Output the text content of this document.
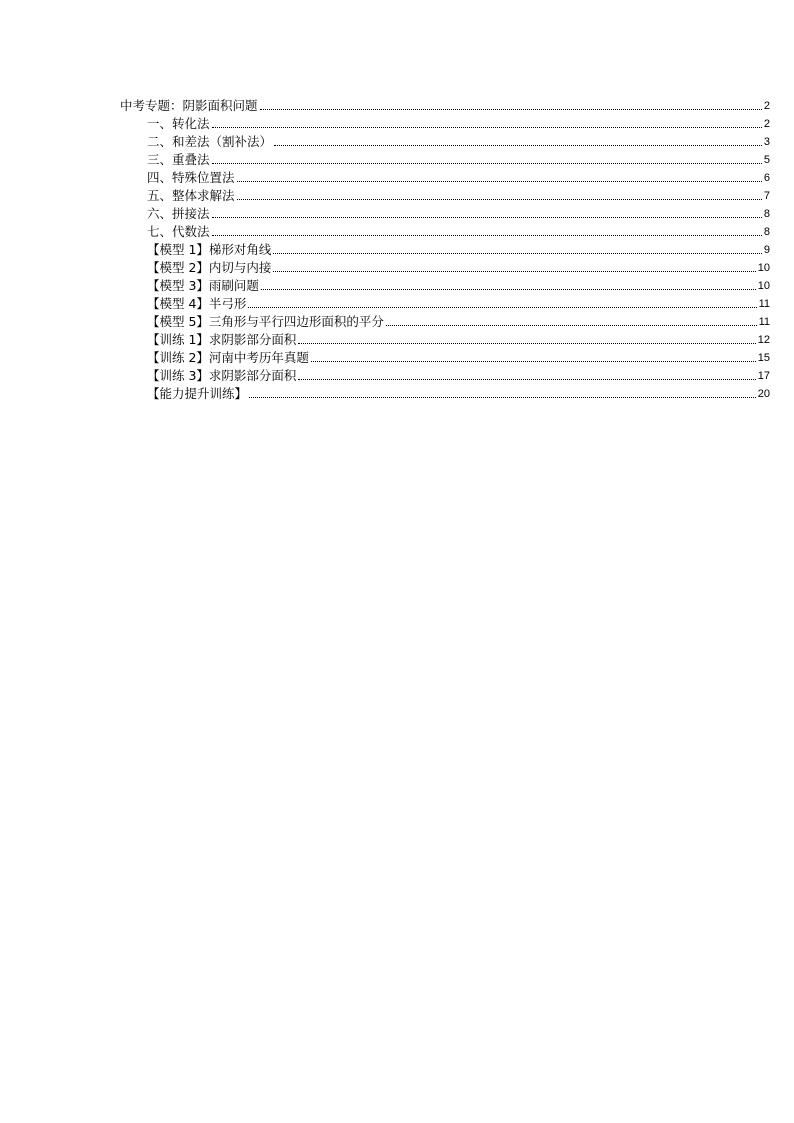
中考专题：阴影面积问题	2
一、转化法	2
二、和差法（割补法）	3
三、重叠法	5
四、特殊位置法	6
五、整体求解法	7
六、拼接法	8
七、代数法	8
【模型 1】梯形对角线	9
【模型 2】内切与内接	10
【模型 3】雨刷问题	10
【模型 4】半弓形	11
【模型 5】三角形与平行四边形面积的平分	11
【训练 1】求阴影部分面积	12
【训练 2】河南中考历年真题	15
【训练 3】求阴影部分面积	17
【能力提升训练】	20
